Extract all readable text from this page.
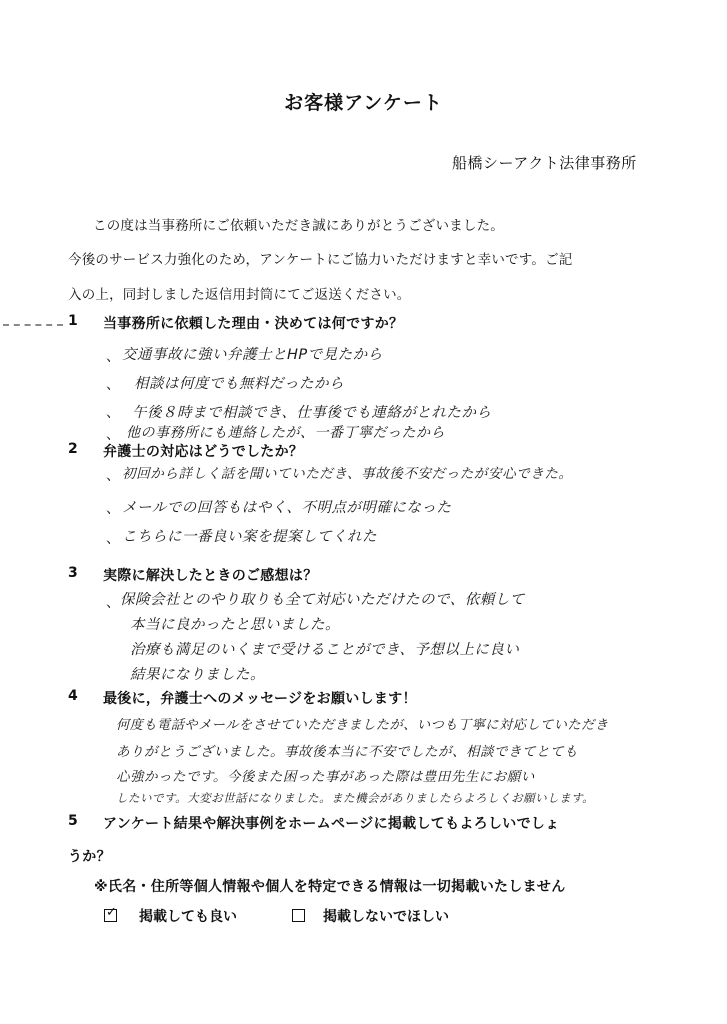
お客様アンケート
船橋シーアクト法律事務所
この度は当事務所にご依頼いただき誠にありがとうございました。
今後のサービス力強化のため，アンケートにご協力いただけますと幸いです。ご記
入の上，同封しました返信用封筒にてご返送ください。
1 当事務所に依頼した理由・決めては何ですか？
、 交通事故に強い弁護士とHPで見たから
、 相談は何度でも無料だったから
、 午後８時まで相談でき、仕事後でも連絡がとれたから
、 他の事務所にも連絡したが、一番丁寧だったから
2 弁護士の対応はどうでしたか？
、 初回から詳しく話を聞いていただき、事故後不安だったが安心できた。
、 メールでの回答もはやく、不明点が明確になった
、 こちらに一番良い案を提案してくれた
3 実際に解決したときのご感想は？
、 保険会社とのやり取りも全て対応いただけたので、依頼して
本当に良かったと思いました。
治療も満足のいくまで受けることができ、予想以上に良い
結果になりました。
4 最後に，弁護士へのメッセージをお願いします！
何度も電話やメールをさせていただきましたが、いつも丁寧に対応していただき
ありがとうございました。事故後本当に不安でしたが、相談できてとても
心強かったです。今後また困った事があった際は豊田先生にお願い
したいです。大変お世話になりました。また機会がありましたらよろしくお願いします。
5 アンケート結果や解決事例をホームページに掲載してもよろしいでしょ
うか？
※氏名・住所等個人情報や個人を特定できる情報は一切掲載いたしません
✓ 掲載しても良い	掲載しないでほしい
